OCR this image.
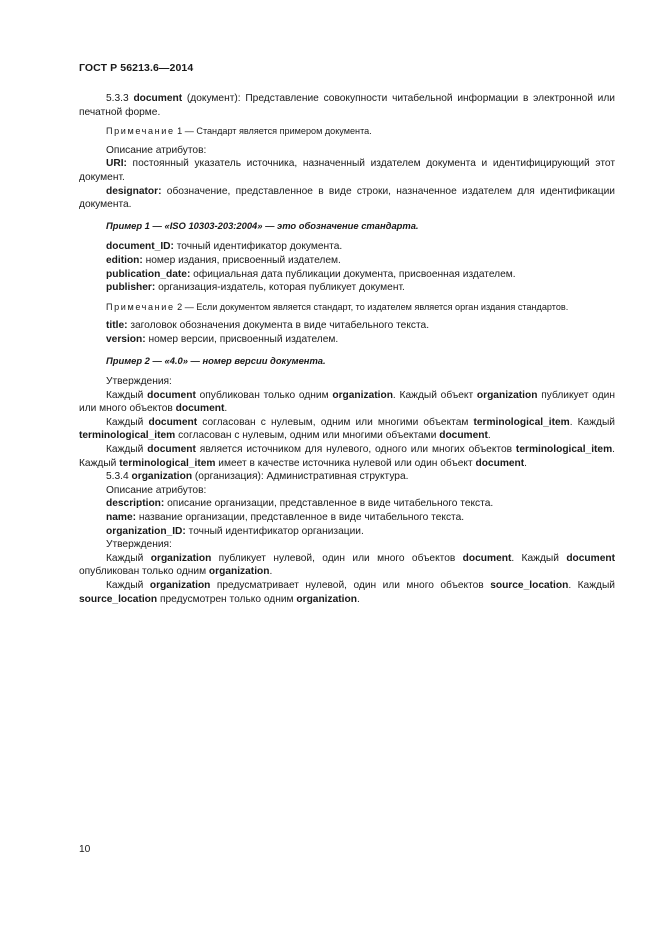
ГОСТ Р 56213.6—2014

5.3.3 document (документ): Представление совокупности читабельной информации в электронной или печатной форме.

Примечание 1 — Стандарт является примером документа.

Описание атрибутов:

URI: постоянный указатель источника, назначенный издателем документа и идентифицирующий этот документ.

designator: обозначение, представленное в виде строки, назначенное издателем для идентификации документа.

Пример 1 — «ISO 10303-203:2004» — это обозначение стандарта.

document_ID: точный идентификатор документа.

edition: номер издания, присвоенный издателем.

publication_date: официальная дата публикации документа, присвоенная издателем.

publisher: организация-издатель, которая публикует документ.

Примечание 2 — Если документом является стандарт, то издателем является орган издания стандартов.

title: заголовок обозначения документа в виде читабельного текста.

version: номер версии, присвоенный издателем.

Пример 2 — «4.0» — номер версии документа.

Утверждения:

Каждый document опубликован только одним organization. Каждый объект organization публикует один или много объектов document.

Каждый document согласован с нулевым, одним или многими объектам terminological_item. Каждый terminological_item согласован с нулевым, одним или многими объектами document.

Каждый document является источником для нулевого, одного или многих объектов terminological_item. Каждый terminological_item имеет в качестве источника нулевой или один объект document.

5.3.4 organization (организация): Административная структура.

Описание атрибутов:

description: описание организации, представленное в виде читабельного текста.

name: название организации, представленное в виде читабельного текста.

organization_ID: точный идентификатор организации.

Утверждения:

Каждый organization публикует нулевой, один или много объектов document. Каждый document опубликован только одним organization.

Каждый organization предусматривает нулевой, один или много объектов source_location. Каждый source_location предусмотрен только одним organization.

10
